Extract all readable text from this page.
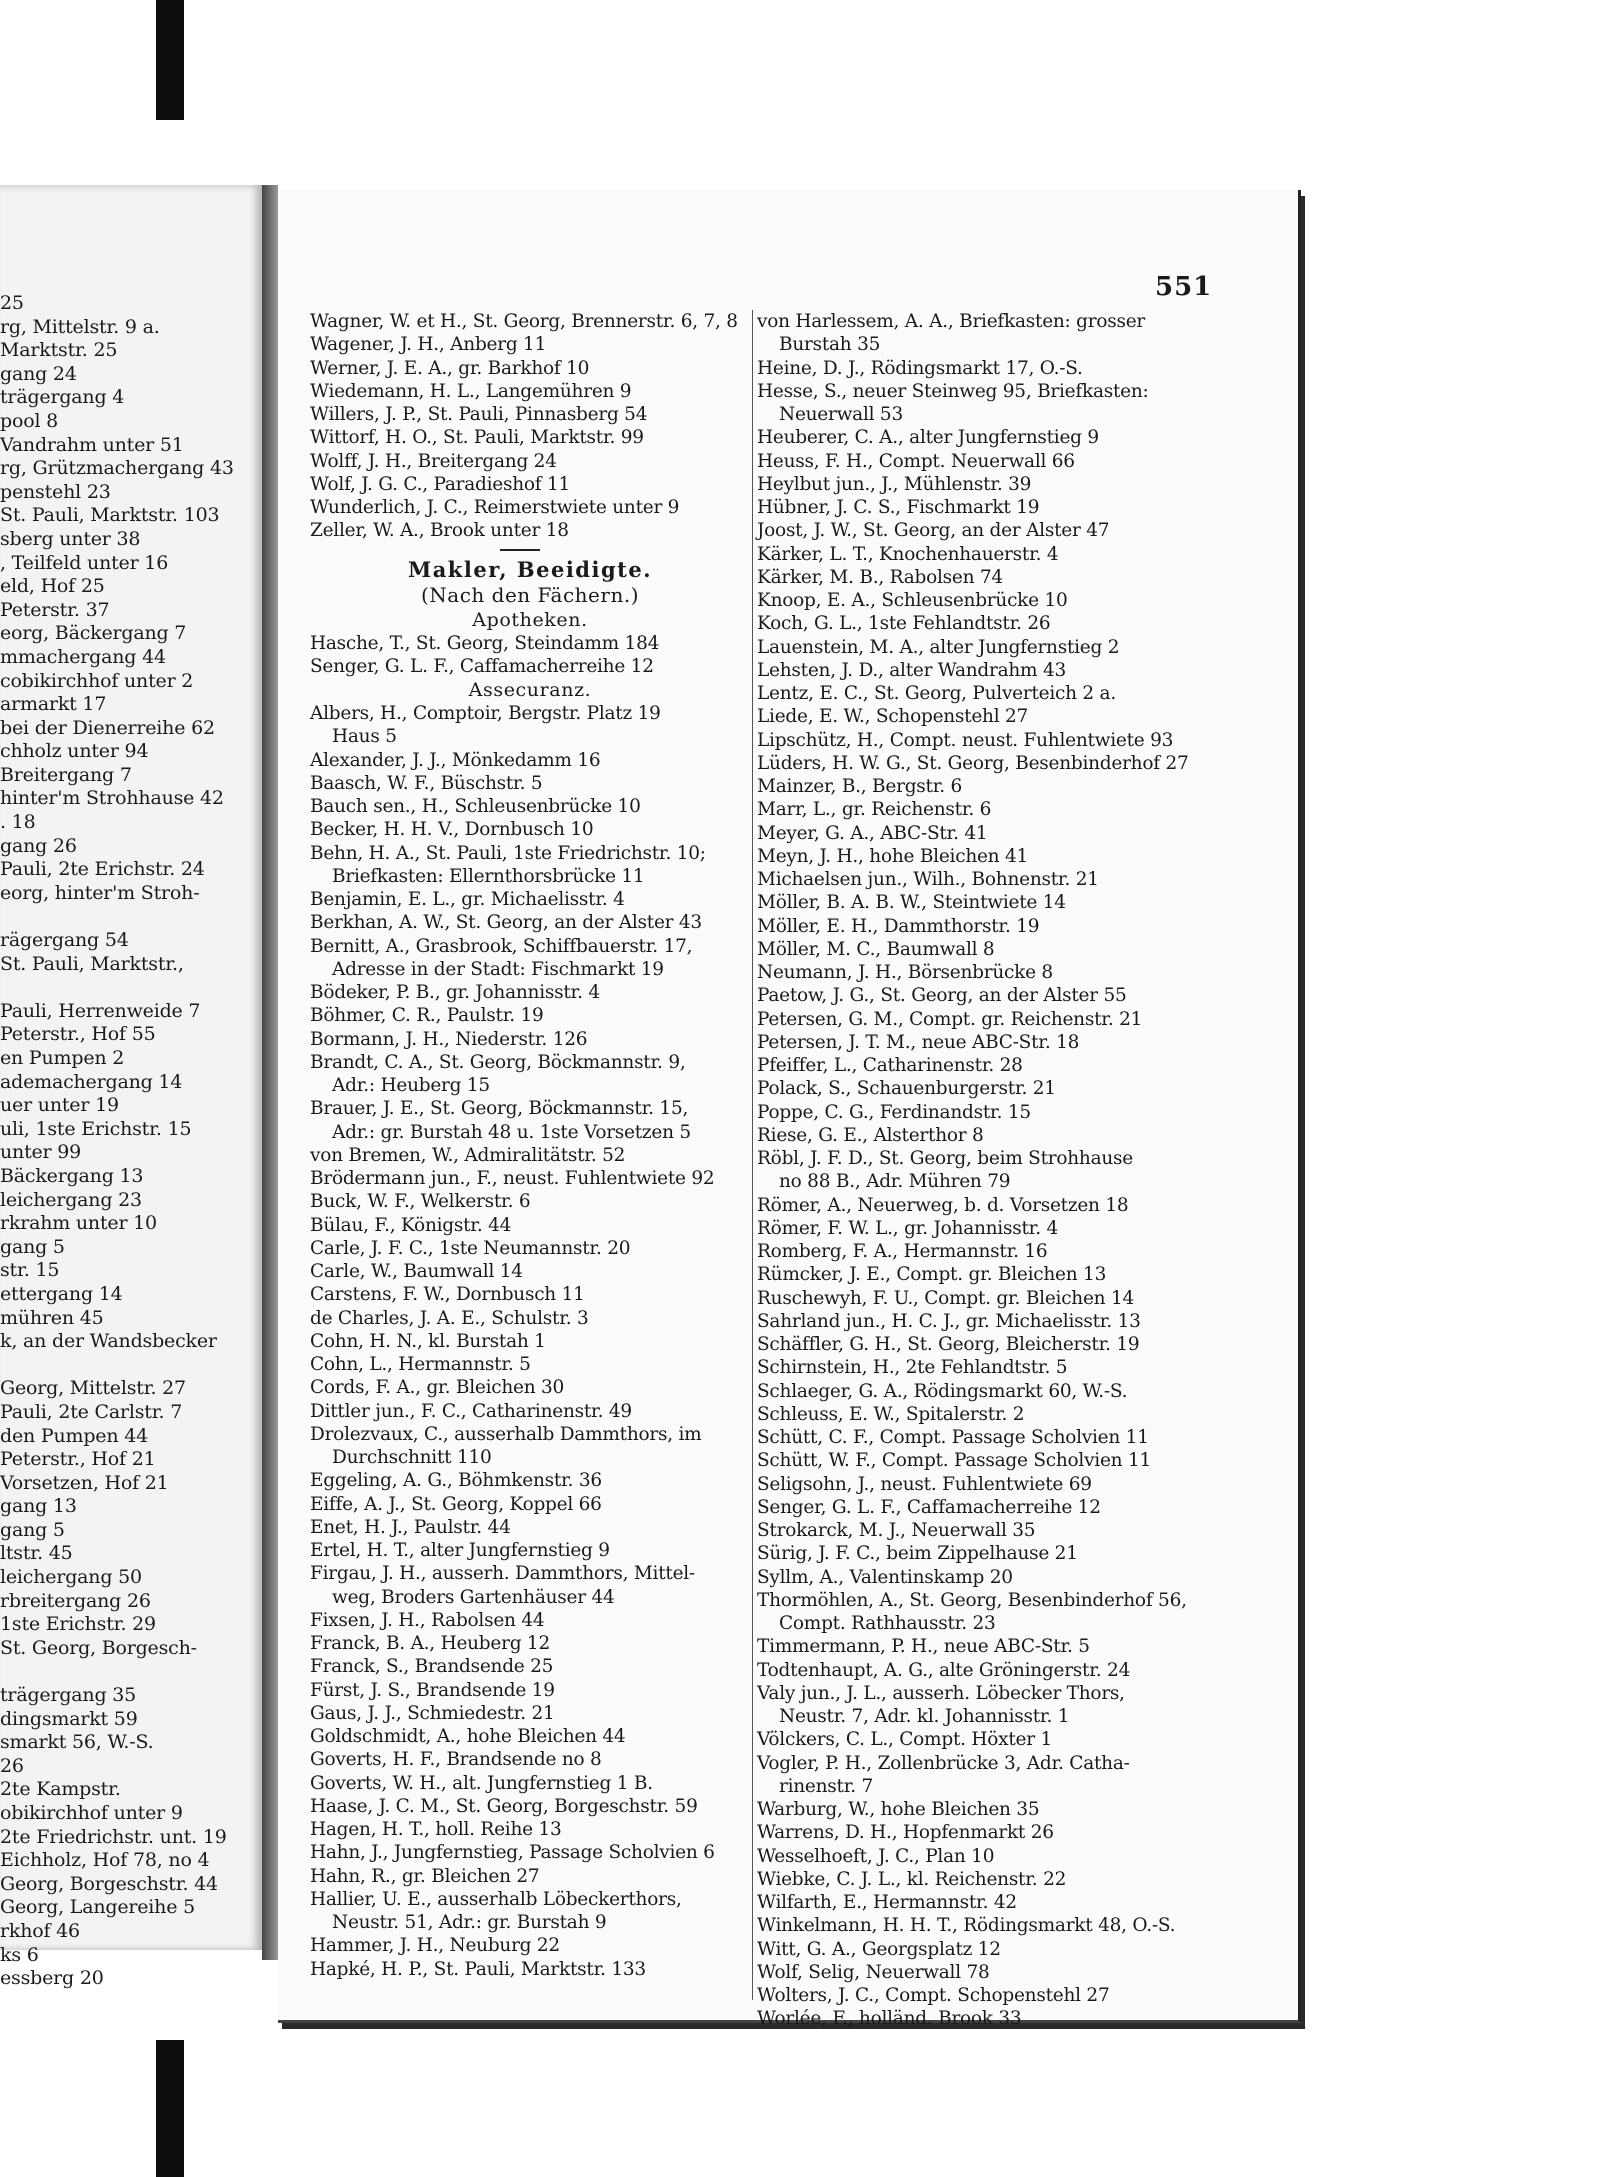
25
rg, Mittelstr. 9 a.
Marktstr. 25
gang 24
trägergang 4
pool 8
Vandrahm unter 51
rg, Grützmachergang 43
penstehl 23
St. Pauli, Marktstr. 103
sberg unter 38
, Teilfeld unter 16
eld, Hof 25
Peterstr. 37
eorg, Bäckergang 7
mmachergang 44
cobikirchhof unter 2
armarkt 17
bei der Dienerreihe 62
chholz unter 94
Breitergang 7
hinter'm Strohhause 42
. 18
gang 26
Pauli, 2te Erichstr. 24
eorg, hinter'm Stroh-

rägergang 54
St. Pauli, Marktstr.,

Pauli, Herrenweide 7
Peterstr., Hof 55
en Pumpen 2
ademachergang 14
uer unter 19
uli, 1ste Erichstr. 15
unter 99
Bäckergang 13
leichergang 23
rkrahm unter 10
gang 5
str. 15
ettergang 14
mühren 45
k, an der Wandsbecker

Georg, Mittelstr. 27
Pauli, 2te Carlstr. 7
den Pumpen 44
Peterstr., Hof 21
Vorsetzen, Hof 21
gang 13
gang 5
ltstr. 45
leichergang 50
rbreitergang 26
1ste Erichstr. 29
St. Georg, Borgesch-

trägergang 35
dingsmarkt 59
smarkt 56, W.-S.
26
2te Kampstr.
obikirchhof unter 9
2te Friedrichstr. unt. 19
Eichholz, Hof 78, no 4
Georg, Borgeschstr. 44
Georg, Langereihe 5
rkhof 46
ks 6
essberg 20
551
Wagner, W. et H., St. Georg, Brennerstr. 6, 7, 8
Wagener, J. H., Anberg 11
Werner, J. E. A., gr. Barkhof 10
Wiedemann, H. L., Langemühren 9
Willers, J. P., St. Pauli, Pinnasberg 54
Wittorf, H. O., St. Pauli, Marktstr. 99
Wolff, J. H., Breitergang 24
Wolf, J. G. C., Paradieshof 11
Wunderlich, J. C., Reimerstwiete unter 9
Zeller, W. A., Brook unter 18
Makler, Beeidigte.
(Nach den Fächern.)
Apotheken.
Hasche, T., St. Georg, Steindamm 184
Senger, G. L. F., Caffamacherreihe 12
Assecuranz.
Albers, H., Comptoir, Bergstr. Platz 19
Haus 5
Alexander, J. J., Mönkedamm 16
Baasch, W. F., Büschstr. 5
Bauch sen., H., Schleusenbrücke 10
Becker, H. H. V., Dornbusch 10
Behn, H. A., St. Pauli, 1ste Friedrichstr. 10;
Briefkasten: Ellernthorsbrücke 11
Benjamin, E. L., gr. Michaelisstr. 4
Berkhan, A. W., St. Georg, an der Alster 43
Bernitt, A., Grasbrook, Schiffbauerstr. 17,
Adresse in der Stadt: Fischmarkt 19
Bödeker, P. B., gr. Johannisstr. 4
Böhmer, C. R., Paulstr. 19
Bormann, J. H., Niederstr. 126
Brandt, C. A., St. Georg, Böckmannstr. 9,
Adr.: Heuberg 15
Brauer, J. E., St. Georg, Böckmannstr. 15,
Adr.: gr. Burstah 48 u. 1ste Vorsetzen 5
von Bremen, W., Admiralitätstr. 52
Brödermann jun., F., neust. Fuhlentwiete 92
Buck, W. F., Welkerstr. 6
Bülau, F., Königstr. 44
Carle, J. F. C., 1ste Neumannstr. 20
Carle, W., Baumwall 14
Carstens, F. W., Dornbusch 11
de Charles, J. A. E., Schulstr. 3
Cohn, H. N., kl. Burstah 1
Cohn, L., Hermannstr. 5
Cords, F. A., gr. Bleichen 30
Dittler jun., F. C., Catharinenstr. 49
Drolezvaux, C., ausserhalb Dammthors, im
Durchschnitt 110
Eggeling, A. G., Böhmkenstr. 36
Eiffe, A. J., St. Georg, Koppel 66
Enet, H. J., Paulstr. 44
Ertel, H. T., alter Jungfernstieg 9
Firgau, J. H., ausserh. Dammthors, Mittel-
weg, Broders Gartenhäuser 44
Fixsen, J. H., Rabolsen 44
Franck, B. A., Heuberg 12
Franck, S., Brandsende 25
Fürst, J. S., Brandsende 19
Gaus, J. J., Schmiedestr. 21
Goldschmidt, A., hohe Bleichen 44
Goverts, H. F., Brandsende no 8
Goverts, W. H., alt. Jungfernstieg 1 B.
Haase, J. C. M., St. Georg, Borgeschstr. 59
Hagen, H. T., holl. Reihe 13
Hahn, J., Jungfernstieg, Passage Scholvien 6
Hahn, R., gr. Bleichen 27
Hallier, U. E., ausserhalb Löbeckerthors,
Neustr. 51, Adr.: gr. Burstah 9
Hammer, J. H., Neuburg 22
Hapké, H. P., St. Pauli, Marktstr. 133
von Harlessem, A. A., Briefkasten: grosser
Burstah 35
Heine, D. J., Rödingsmarkt 17, O.-S.
Hesse, S., neuer Steinweg 95, Briefkasten:
Neuerwall 53
Heuberer, C. A., alter Jungfernstieg 9
Heuss, F. H., Compt. Neuerwall 66
Heylbut jun., J., Mühlenstr. 39
Hübner, J. C. S., Fischmarkt 19
Joost, J. W., St. Georg, an der Alster 47
Kärker, L. T., Knochenhauerstr. 4
Kärker, M. B., Rabolsen 74
Knoop, E. A., Schleusenbrücke 10
Koch, G. L., 1ste Fehlandtstr. 26
Lauenstein, M. A., alter Jungfernstieg 2
Lehsten, J. D., alter Wandrahm 43
Lentz, E. C., St. Georg, Pulverteich 2 a.
Liede, E. W., Schopenstehl 27
Lipschütz, H., Compt. neust. Fuhlentwiete 93
Lüders, H. W. G., St. Georg, Besenbinderhof 27
Mainzer, B., Bergstr. 6
Marr, L., gr. Reichenstr. 6
Meyer, G. A., ABC-Str. 41
Meyn, J. H., hohe Bleichen 41
Michaelsen jun., Wilh., Bohnenstr. 21
Möller, B. A. B. W., Steintwiete 14
Möller, E. H., Dammthorstr. 19
Möller, M. C., Baumwall 8
Neumann, J. H., Börsenbrücke 8
Paetow, J. G., St. Georg, an der Alster 55
Petersen, G. M., Compt. gr. Reichenstr. 21
Petersen, J. T. M., neue ABC-Str. 18
Pfeiffer, L., Catharinenstr. 28
Polack, S., Schauenburgerstr. 21
Poppe, C. G., Ferdinandstr. 15
Riese, G. E., Alsterthor 8
Röbl, J. F. D., St. Georg, beim Strohhause
no 88 B., Adr. Mühren 79
Römer, A., Neuerweg, b. d. Vorsetzen 18
Römer, F. W. L., gr. Johannisstr. 4
Romberg, F. A., Hermannstr. 16
Rümcker, J. E., Compt. gr. Bleichen 13
Ruschewyh, F. U., Compt. gr. Bleichen 14
Sahrland jun., H. C. J., gr. Michaelisstr. 13
Schäffler, G. H., St. Georg, Bleicherstr. 19
Schirnstein, H., 2te Fehlandtstr. 5
Schlaeger, G. A., Rödingsmarkt 60, W.-S.
Schleuss, E. W., Spitalerstr. 2
Schütt, C. F., Compt. Passage Scholvien 11
Schütt, W. F., Compt. Passage Scholvien 11
Seligsohn, J., neust. Fuhlentwiete 69
Senger, G. L. F., Caffamacherreihe 12
Strokarck, M. J., Neuerwall 35
Sürig, J. F. C., beim Zippelhause 21
Syllm, A., Valentinskamp 20
Thormöhlen, A., St. Georg, Besenbinderhof 56,
Compt. Rathhausstr. 23
Timmermann, P. H., neue ABC-Str. 5
Todtenhaupt, A. G., alte Gröningerstr. 24
Valy jun., J. L., ausserh. Löbecker Thors,
Neustr. 7, Adr. kl. Johannisstr. 1
Völckers, C. L., Compt. Höxter 1
Vogler, P. H., Zollenbrücke 3, Adr. Catha-
rinenstr. 7
Warburg, W., hohe Bleichen 35
Warrens, D. H., Hopfenmarkt 26
Wesselhoeft, J. C., Plan 10
Wiebke, C. J. L., kl. Reichenstr. 22
Wilfarth, E., Hermannstr. 42
Winkelmann, H. H. T., Rödingsmarkt 48, O.-S.
Witt, G. A., Georgsplatz 12
Wolf, Selig, Neuerwall 78
Wolters, J. C., Compt. Schopenstehl 27
Worlée, F., holländ. Brook 33
